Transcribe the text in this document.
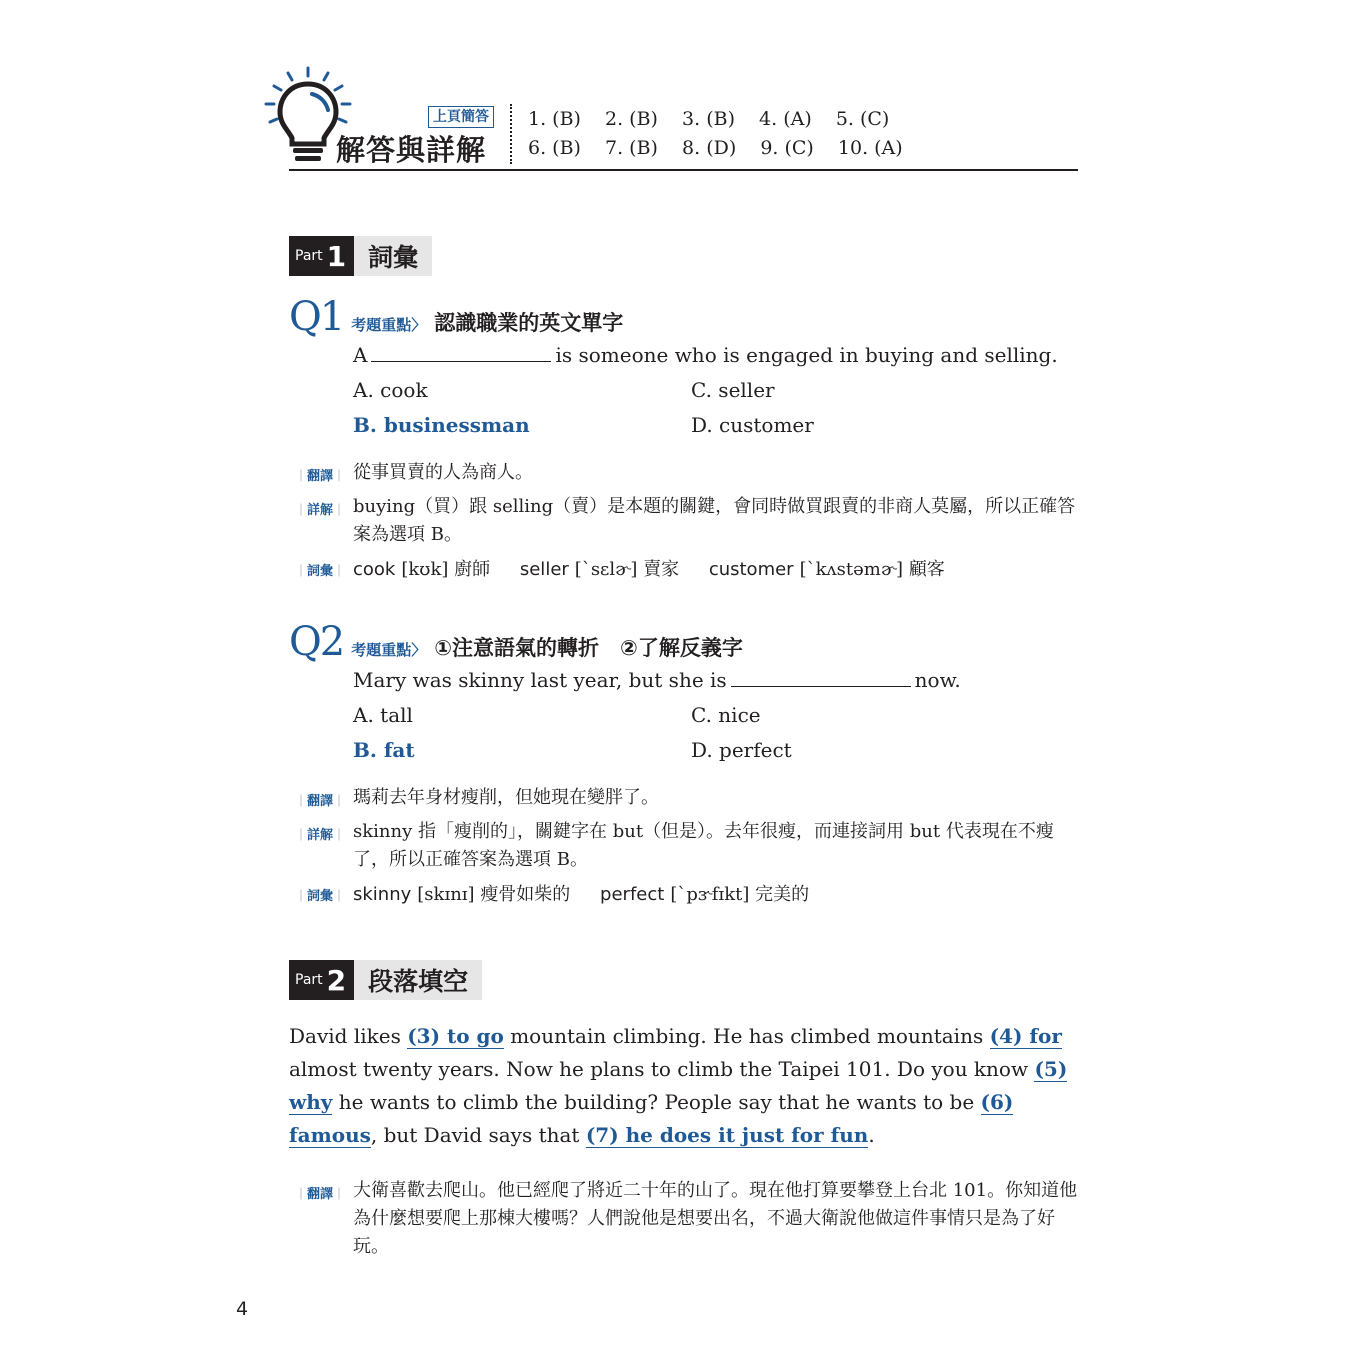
上頁簡答
解答與詳解
1. (B) 2. (B) 3. (B) 4. (A) 5. (C)
6. (B) 7. (B) 8. (D) 9. (C) 10. (A)
Part 1 詞彙
Q1 考題重點〉 認識職業的英文單字
A	is someone who is engaged in buying and selling.
A. cook	C. seller
B. businessman	D. customer
｜ 翻譯 ｜	從事買賣的人為商人。
｜ 詳解 ｜	buying（買）跟 selling（賣）是本題的關鍵，會同時做買跟賣的非商人莫屬，所以正確答案為選項 B。
｜ 詞彙 ｜	cook [kʊk] 廚師 seller [ˋsɛlɚ] 賣家 customer [ˋkʌstəmɚ] 顧客
Q2 考題重點〉 ①注意語氣的轉折　②了解反義字
Mary was skinny last year, but she is	now.
A. tall	C. nice
B. fat	D. perfect
｜ 翻譯 ｜	瑪莉去年身材瘦削，但她現在變胖了。
｜ 詳解 ｜	skinny 指「瘦削的」，關鍵字在 but（但是）。去年很瘦，而連接詞用 but 代表現在不瘦了，所以正確答案為選項 B。
｜ 詞彙 ｜	skinny [skɪnɪ] 瘦骨如柴的 perfect [ˋpɝfɪkt] 完美的
Part 2 段落填空
David likes (3) to go mountain climbing. He has climbed mountains (4) for almost twenty years. Now he plans to climb the Taipei 101. Do you know (5) why he wants to climb the building? People say that he wants to be (6) famous, but David says that (7) he does it just for fun.
｜ 翻譯 ｜	大衛喜歡去爬山。他已經爬了將近二十年的山了。現在他打算要攀登上台北 101。你知道他為什麼想要爬上那棟大樓嗎？人們說他是想要出名，不過大衛說他做這件事情只是為了好玩。
4
